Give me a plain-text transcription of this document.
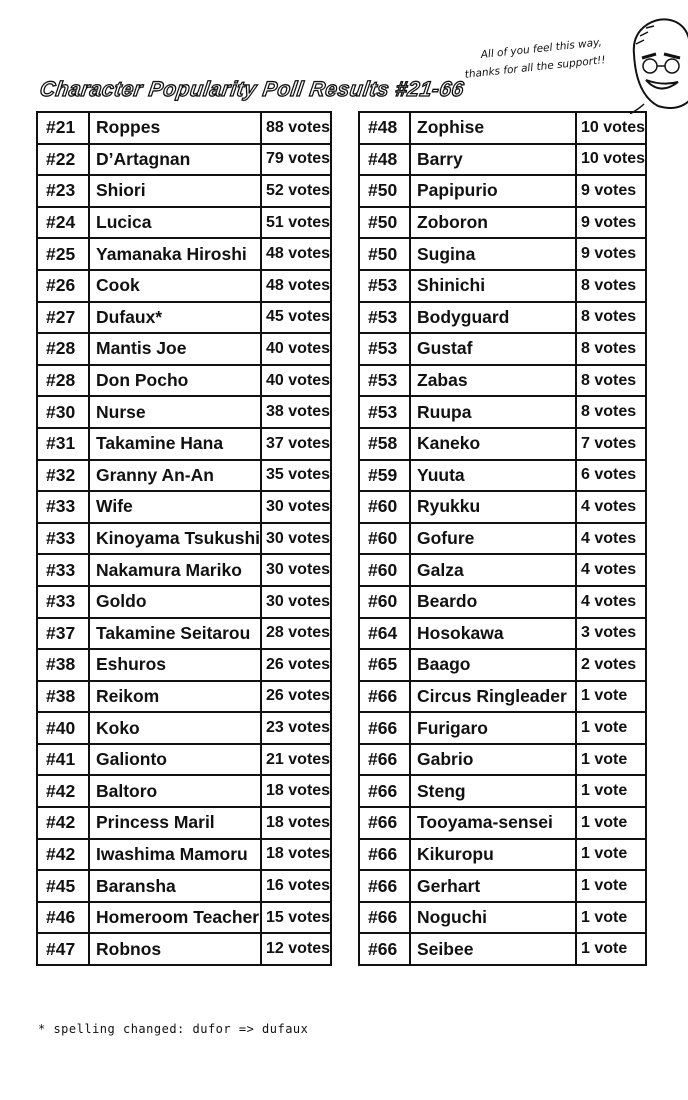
Character Popularity Poll Results #21-66
All of you feel this way,
thanks for all the support!!
#21	Roppes	88 votes
#22	D’Artagnan	79 votes
#23	Shiori	52 votes
#24	Lucica	51 votes
#25	Yamanaka Hiroshi	48 votes
#26	Cook	48 votes
#27	Dufaux*	45 votes
#28	Mantis Joe	40 votes
#28	Don Pocho	40 votes
#30	Nurse	38 votes
#31	Takamine Hana	37 votes
#32	Granny An-An	35 votes
#33	Wife	30 votes
#33	Kinoyama Tsukushi	30 votes
#33	Nakamura Mariko	30 votes
#33	Goldo	30 votes
#37	Takamine Seitarou	28 votes
#38	Eshuros	26 votes
#38	Reikom	26 votes
#40	Koko	23 votes
#41	Galionto	21 votes
#42	Baltoro	18 votes
#42	Princess Maril	18 votes
#42	Iwashima Mamoru	18 votes
#45	Baransha	16 votes
#46	Homeroom Teacher	15 votes
#47	Robnos	12 votes
#48	Zophise	10 votes
#48	Barry	10 votes
#50	Papipurio	9 votes
#50	Zoboron	9 votes
#50	Sugina	9 votes
#53	Shinichi	8 votes
#53	Bodyguard	8 votes
#53	Gustaf	8 votes
#53	Zabas	8 votes
#53	Ruupa	8 votes
#58	Kaneko	7 votes
#59	Yuuta	6 votes
#60	Ryukku	4 votes
#60	Gofure	4 votes
#60	Galza	4 votes
#60	Beardo	4 votes
#64	Hosokawa	3 votes
#65	Baago	2 votes
#66	Circus Ringleader	1 vote
#66	Furigaro	1 vote
#66	Gabrio	1 vote
#66	Steng	1 vote
#66	Tooyama-sensei	1 vote
#66	Kikuropu	1 vote
#66	Gerhart	1 vote
#66	Noguchi	1 vote
#66	Seibee	1 vote
* spelling changed: dufor => dufaux
